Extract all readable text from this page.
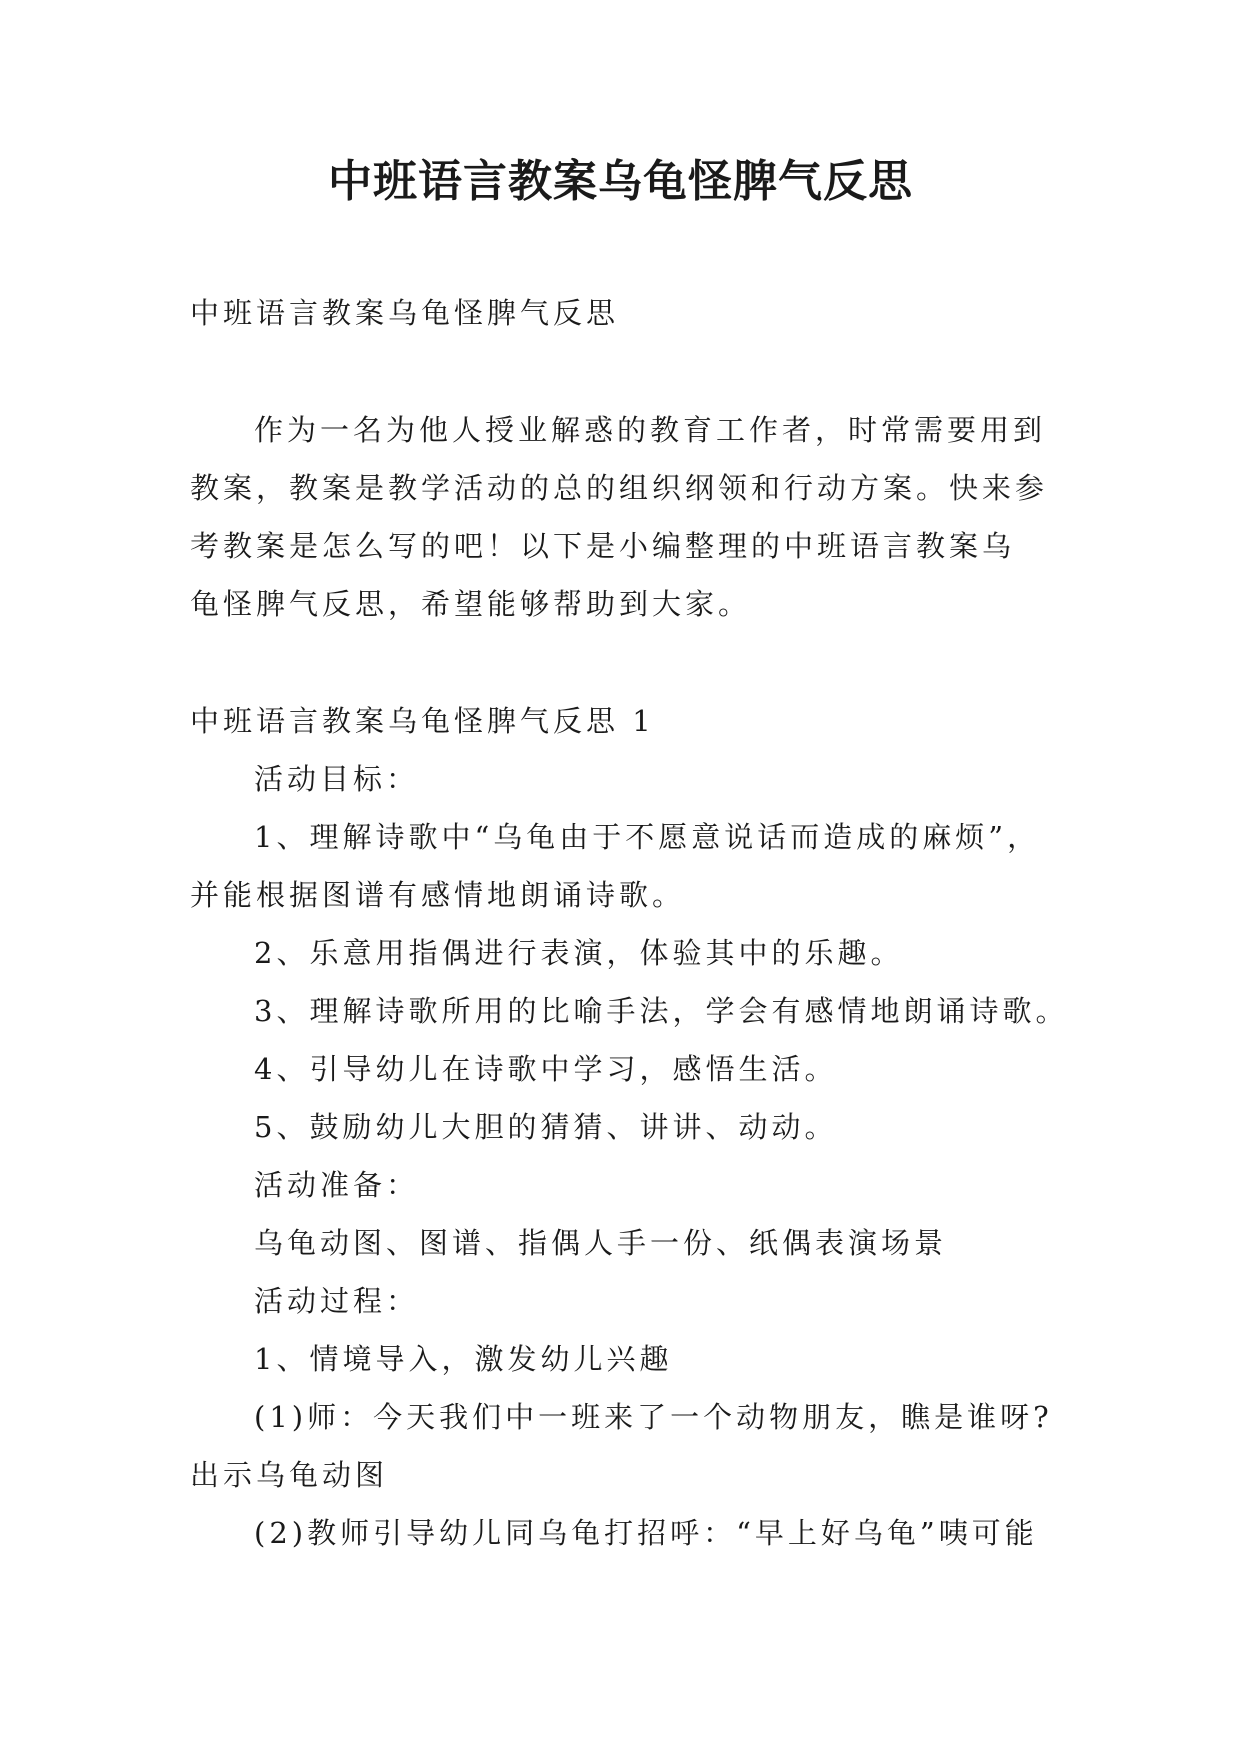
中班语言教案乌龟怪脾气反思
中班语言教案乌龟怪脾气反思
作为一名为他人授业解惑的教育工作者，时常需要用到
教案，教案是教学活动的总的组织纲领和行动方案。快来参
考教案是怎么写的吧！以下是小编整理的中班语言教案乌
龟怪脾气反思，希望能够帮助到大家。
中班语言教案乌龟怪脾气反思 1
活动目标：
1、理解诗歌中“乌龟由于不愿意说话而造成的麻烦”，
并能根据图谱有感情地朗诵诗歌。
2、乐意用指偶进行表演，体验其中的乐趣。
3、理解诗歌所用的比喻手法，学会有感情地朗诵诗歌。
4、引导幼儿在诗歌中学习，感悟生活。
5、鼓励幼儿大胆的猜猜、讲讲、动动。
活动准备：
乌龟动图、图谱、指偶人手一份、纸偶表演场景
活动过程：
1、情境导入，激发幼儿兴趣
(1)师：今天我们中一班来了一个动物朋友，瞧是谁呀?
出示乌龟动图
(2)教师引导幼儿同乌龟打招呼：“早上好乌龟”咦可能
